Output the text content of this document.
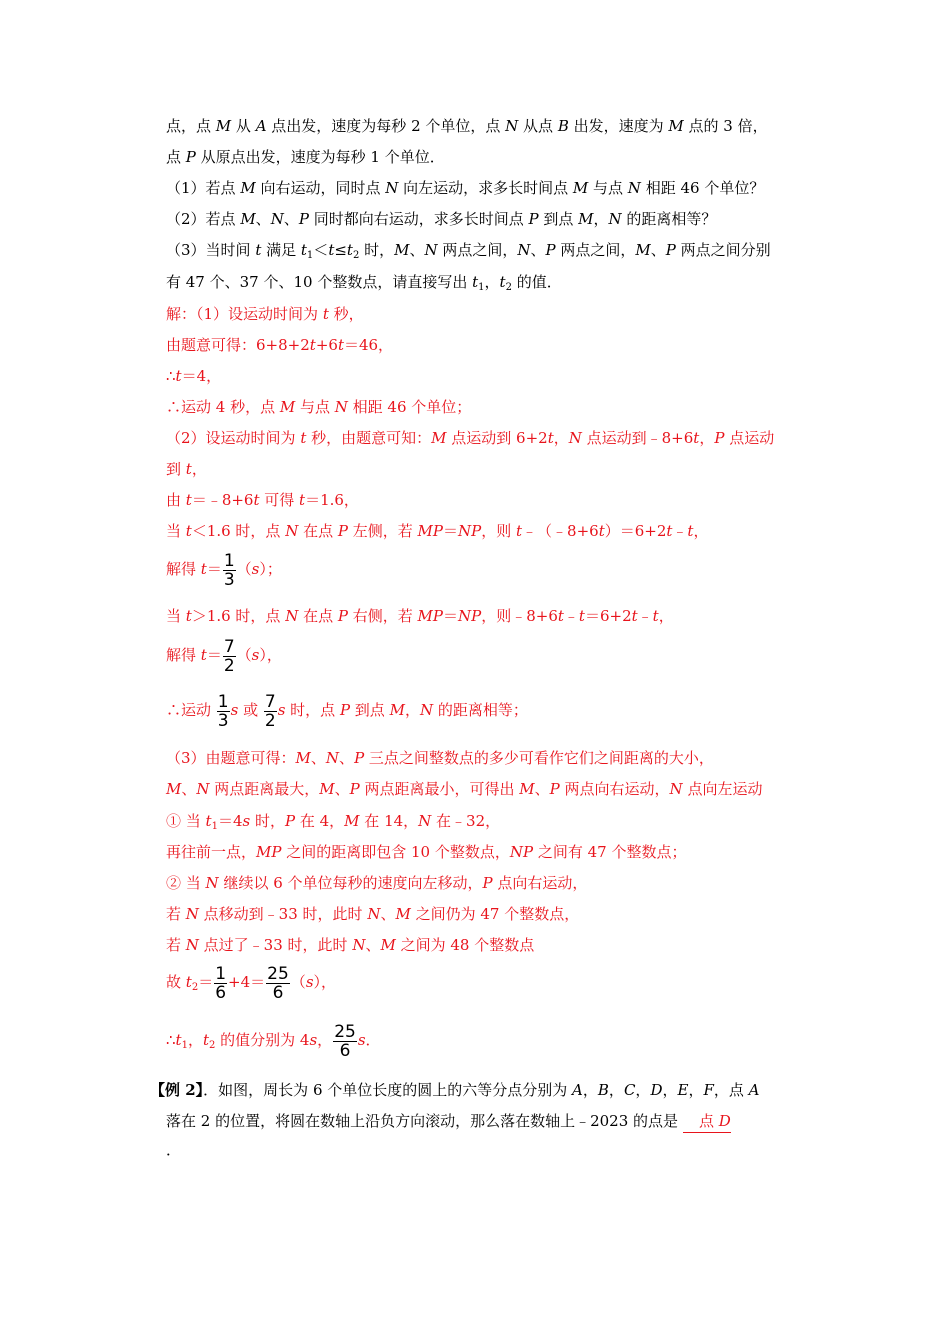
点，点 M 从 A 点出发，速度为每秒 2 个单位，点 N 从点 B 出发，速度为 M 点的 3 倍，
点 P 从原点出发，速度为每秒 1 个单位．
（1）若点 M 向右运动，同时点 N 向左运动，求多长时间点 M 与点 N 相距 46 个单位？
（2）若点 M、N、P 同时都向右运动，求多长时间点 P 到点 M，N 的距离相等？
（3）当时间 t 满足 $t_1<t\le t_2$ 时，M、N 两点之间，N、P 两点之间，M、P 两点之间分别
有 47 个、37 个、10 个整数点，请直接写出 $t_1$，$t_2$ 的值．
解：（1）设运动时间为 t 秒，
由题意可得：6+8+2t+6t＝46，
∴t＝4，
∴运动 4 秒，点 M 与点 N 相距 46 个单位；
（2）设运动时间为 t 秒，由题意可知：M 点运动到 6+2t，N 点运动到﹣8+6t，P 点运动
到 t，
由 t＝﹣8+6t 可得 t＝1.6，
当 t＜1.6 时，点 N 在点 P 左侧，若 MP＝NP，则 t﹣（﹣8+6t）＝6+2t﹣t，
解得 $t= \frac{1}{3} (s)$；
当 t＞1.6 时，点 N 在点 P 右侧，若 MP＝NP，则﹣8+6t﹣t＝6+2t﹣t，
解得 $t= \frac{7}{2} (s)$，
∴运动 $\frac{1}{3}$ s 或 $\frac{7}{2}$ s 时，点 P 到点 M，N 的距离相等；
（3）由题意可得：M、N、P 三点之间整数点的多少可看作它们之间距离的大小，
M、N 两点距离最大，M、P 两点距离最小，可得出 M、P 两点向右运动，N 点向左运动
① 当 $t_1=4s$ 时，P 在 4，M 在 14，N 在﹣32，
再往前一点，MP 之间的距离即包含 10 个整数点，NP 之间有 47 个整数点；
② 当 N 继续以 6 个单位每秒的速度向左移动，P 点向右运动，
若 N 点移动到﹣33 时，此时 N、M 之间仍为 47 个整数点，
若 N 点过了﹣33 时，此时 N、M 之间为 48 个整数点
故 $t_2= \frac{1}{6} +4= \frac{25}{6} (s)$，
$\therefore t_1$，$t_2$ 的值分别为 4s， $\frac{25}{6}$ s．
【例 2】．如图，周长为 6 个单位长度的圆上的六等分点分别为 A，B，C，D，E，F，点 A
落在 2 的位置，将圆在数轴上沿负方向滚动，那么落在数轴上﹣2023 的点是 点 D
．
